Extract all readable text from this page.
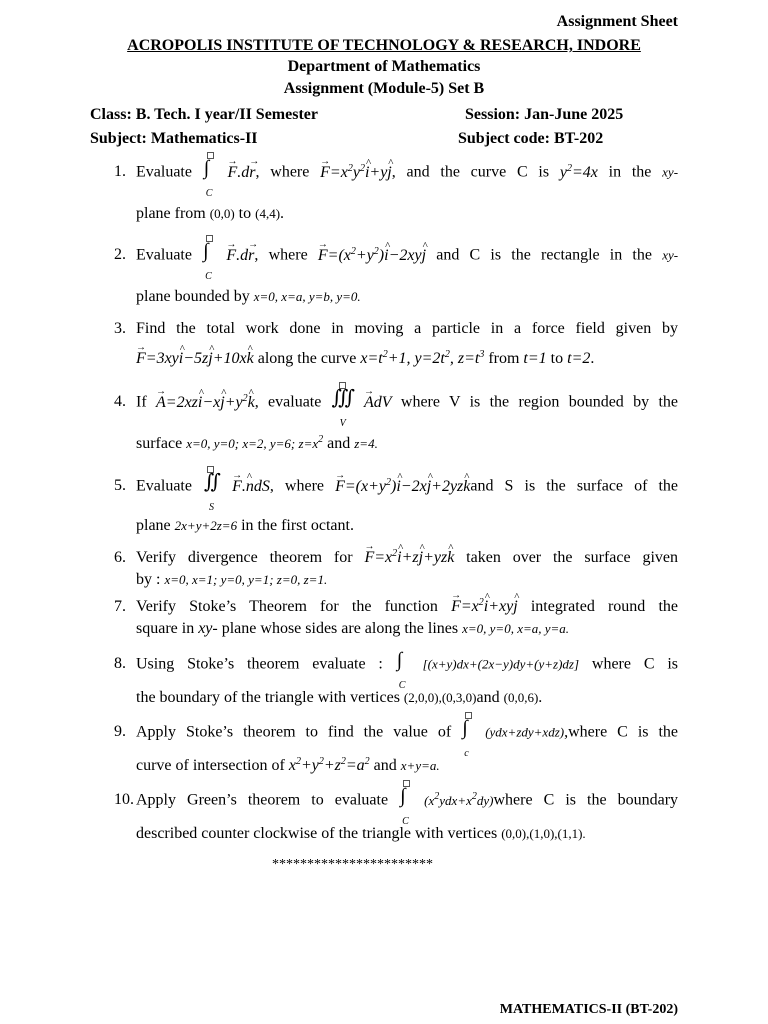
Assignment Sheet
ACROPOLIS INSTITUTE OF TECHNOLOGY & RESEARCH, INDORE
Department of Mathematics
Assignment (Module-5) Set B
Class: B. Tech. I year/II Semester	Session: Jan-June 2025
Subject: Mathematics-II	Subject code: BT-202
1. Evaluate ∫
C
→ F.d→ r, where → $F=x^2y^2\^{}$ i+y^ j, and the curve C is $y^2=4x$ in the xy-
plane from (0,0) to (4,4).
2. Evaluate ∫
C
→ F.d→ r, where → $F=(x^2+y^2)\^{}$ i−2xy^ j and C is the rectangle in the xy-
plane bounded by x=0, x=a, y=b, y=0.
3. Find the total work done in moving a particle in a force field given by
→ F=3xy^ i−5z^ j+10x^ k along the curve $x=t^2+1$, $y=2t^2$, $z=t^3$ from t=1 to t=2.
4. If → A=2xz^ i−x^ $j+y^2\^{}$ k, evaluate ∭
V
→ AdV where V is the region bounded by the
surface x=0, y=0; x=2, y=6; $z=x^2$ and z=4.
5. Evaluate ∬
S
→ F.^ ndS, where → $F=(x+y^2)\^{}$ i−2x^ j+2yz^ kand S is the surface of the
plane 2x+y+2z=6 in the first octant.
6. Verify divergence theorem for → $F=x^2\^{}$ i+z^ j+yz^ k taken over the surface given
by : x=0, x=1; y=0, y=1; z=0, z=1.
7. Verify Stoke’s Theorem for the function → $F=x^2\^{}$ i+xy^ j integrated round the
square in xy- plane whose sides are along the lines x=0, y=0, x=a, y=a.
8. Using Stoke’s theorem evaluate : ∫
C
[(x+y)dx+(2x−y)dy+(y+z)dz] where C is
the boundary of the triangle with vertices (2,0,0),(0,3,0)and (0,0,6).
9. Apply Stoke’s theorem to find the value of ∫
c
(ydx+zdy+xdz),where C is the
curve of intersection of $x^2+y^2+z^2=a^2$ and x+y=a.
10. Apply Green’s theorem to evaluate ∫
C
$(x^2ydx+x^2dy)where$ C is the boundary
described counter clockwise of the triangle with vertices (0,0),(1,0),(1,1).
***********************
MATHEMATICS-II (BT-202)
